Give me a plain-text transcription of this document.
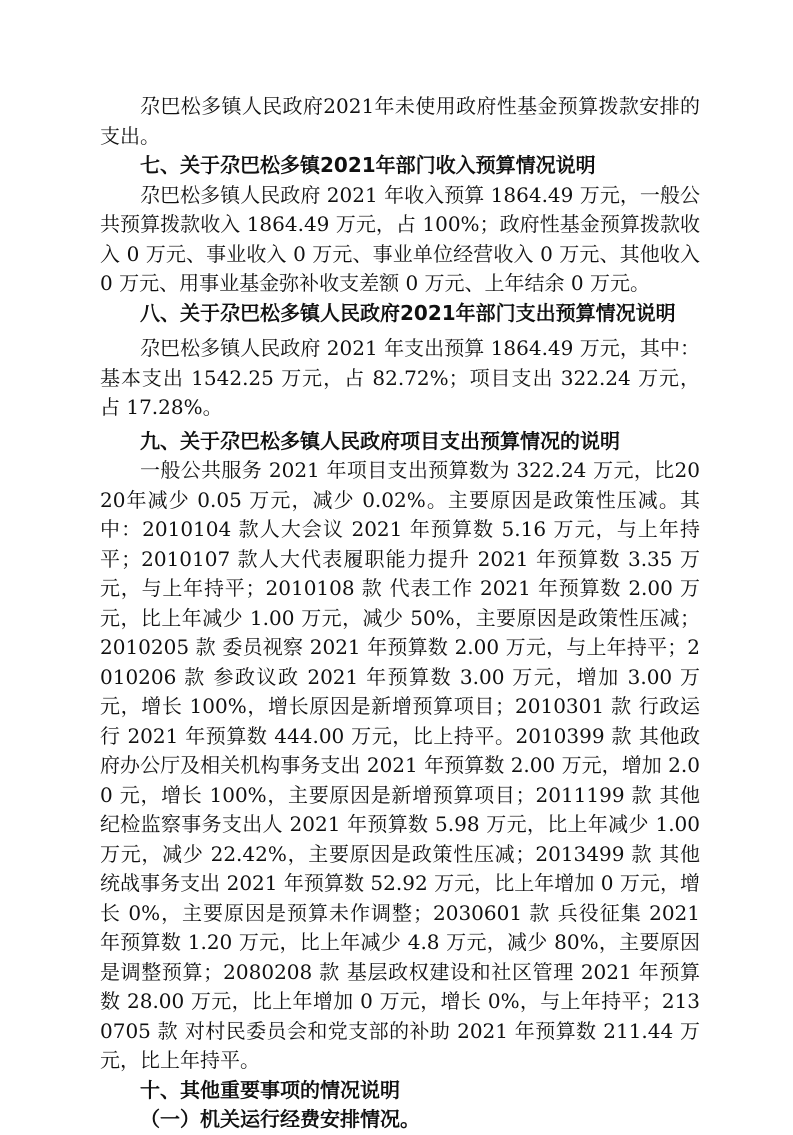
尕巴松多镇人民政府2021年未使用政府性基金预算拨款安排的支出。

七、关于尕巴松多镇2021年部门收入预算情况说明

尕巴松多镇人民政府 2021 年收入预算 1864.49 万元，一般公共预算拨款收入 1864.49 万元，占 100%；政府性基金预算拨款收入 0 万元、事业收入 0 万元、事业单位经营收入 0 万元、其他收入 0 万元、用事业基金弥补收支差额 0 万元、上年结余 0 万元。

八、关于尕巴松多镇人民政府2021年部门支出预算情况说明

尕巴松多镇人民政府 2021 年支出预算 1864.49 万元，其中：基本支出 1542.25 万元，占 82.72%；项目支出 322.24 万元，占 17.28%。

九、关于尕巴松多镇人民政府项目支出预算情况的说明

一般公共服务 2021 年项目支出预算数为 322.24 万元，比2020年减少 0.05 万元，减少 0.02%。主要原因是政策性压减。其中：2010104 款人大会议 2021 年预算数 5.16 万元，与上年持平；2010107 款人大代表履职能力提升 2021 年预算数 3.35 万元，与上年持平；2010108 款 代表工作 2021 年预算数 2.00 万元，比上年减少 1.00 万元，减少 50%，主要原因是政策性压减；2010205 款 委员视察 2021 年预算数 2.00 万元，与上年持平；2010206 款 参政议政 2021 年预算数 3.00 万元，增加 3.00 万元，增长 100%，增长原因是新增预算项目；2010301 款 行政运行 2021 年预算数 444.00 万元，比上持平。2010399 款 其他政府办公厅及相关机构事务支出 2021 年预算数 2.00 万元，增加 2.00 元，增长 100%，主要原因是新增预算项目；2011199 款 其他纪检监察事务支出人 2021 年预算数 5.98 万元，比上年减少 1.00 万元，减少 22.42%，主要原因是政策性压减；2013499 款 其他统战事务支出 2021 年预算数 52.92 万元，比上年增加 0 万元，增长 0%，主要原因是预算未作调整；2030601 款 兵役征集 2021 年预算数 1.20 万元，比上年减少 4.8 万元，减少 80%，主要原因是调整预算；2080208 款 基层政权建设和社区管理 2021 年预算数 28.00 万元，比上年增加 0 万元，增长 0%，与上年持平；2130705 款 对村民委员会和党支部的补助 2021 年预算数 211.44 万元，比上年持平。

十、其他重要事项的情况说明

（一）机关运行经费安排情况。
